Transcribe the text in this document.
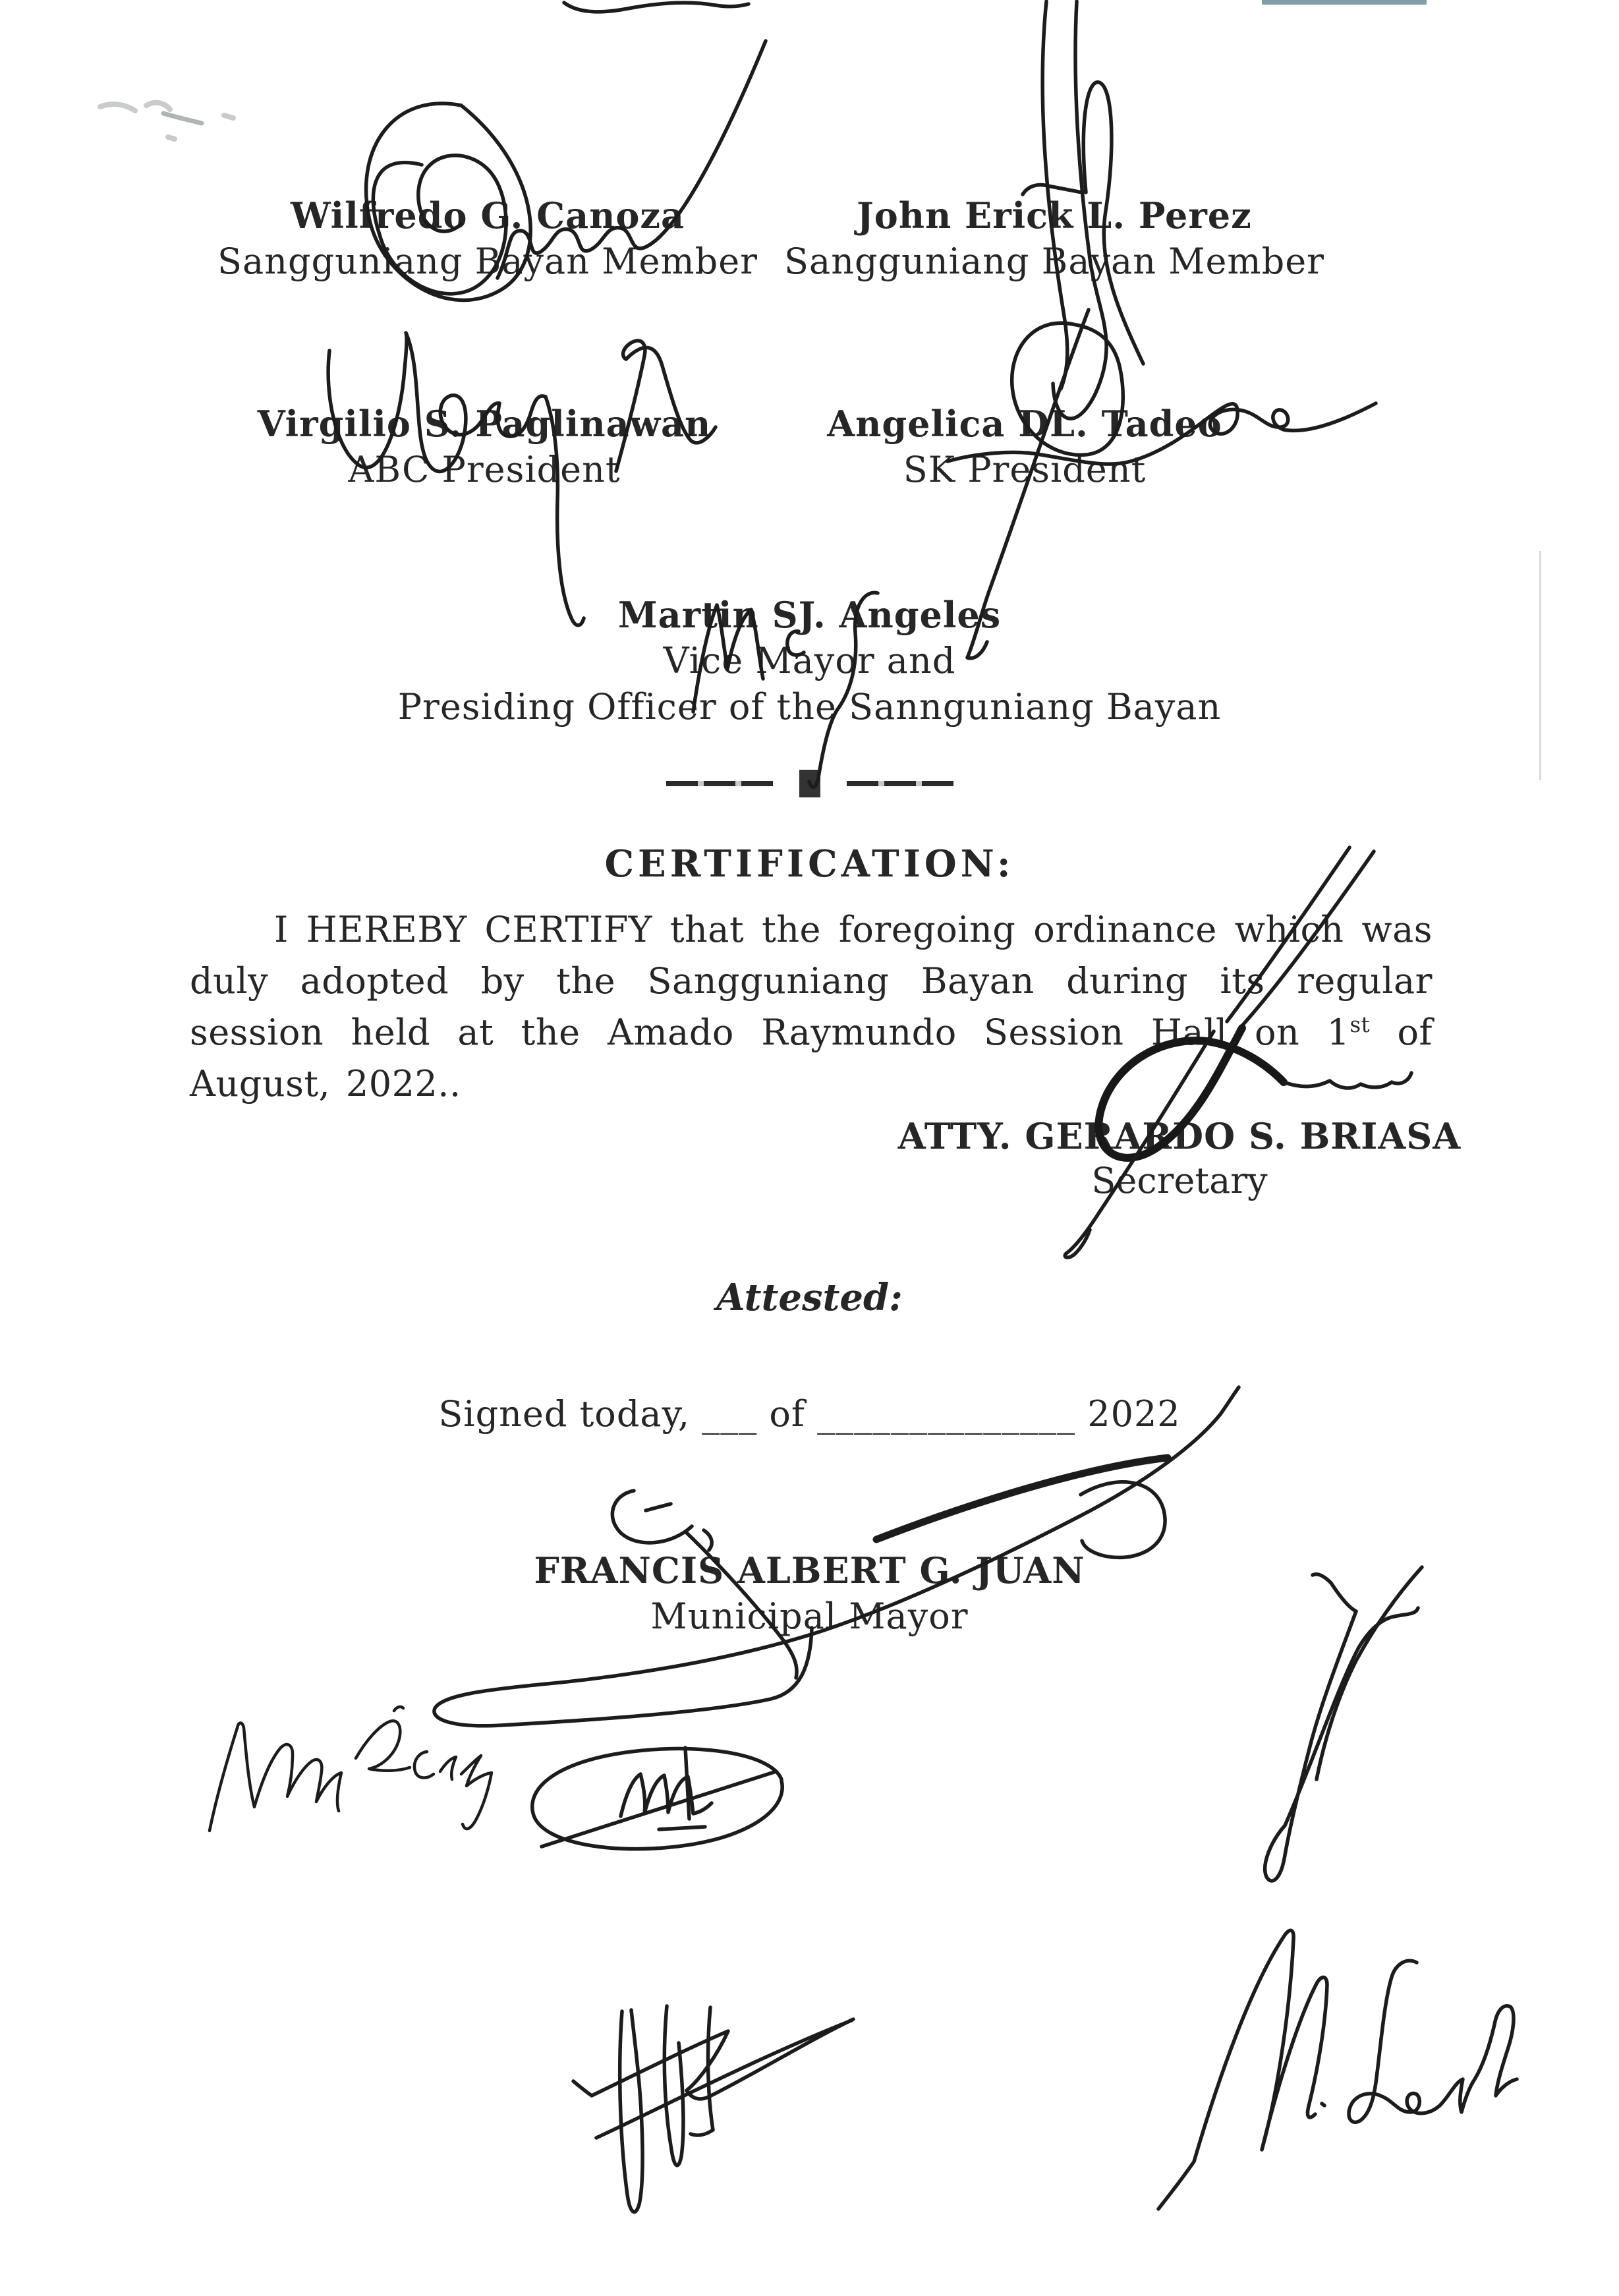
Wilfredo G. Canoza
Sangguniang Bayan Member
John Erick L. Perez
Sangguniang Bayan Member
Virgilio S. Paglinawan
ABC President
Angelica DL. Tadeo
SK President
Martin SJ. Angeles
Vice Mayor and
Presiding Officer of the Sannguniang Bayan
CERTIFICATION:

I HEREBY CERTIFY that the foregoing ordinance which was duly adopted by the Sangguniang Bayan during its regular session held at the Amado Raymundo Session Hall on 1st of August, 2022..

ATTY. GERARDO S. BRIASA
Secretary
Attested:
Signed today, ___ of ______________ 2022
FRANCIS ALBERT G. JUAN
Municipal Mayor
